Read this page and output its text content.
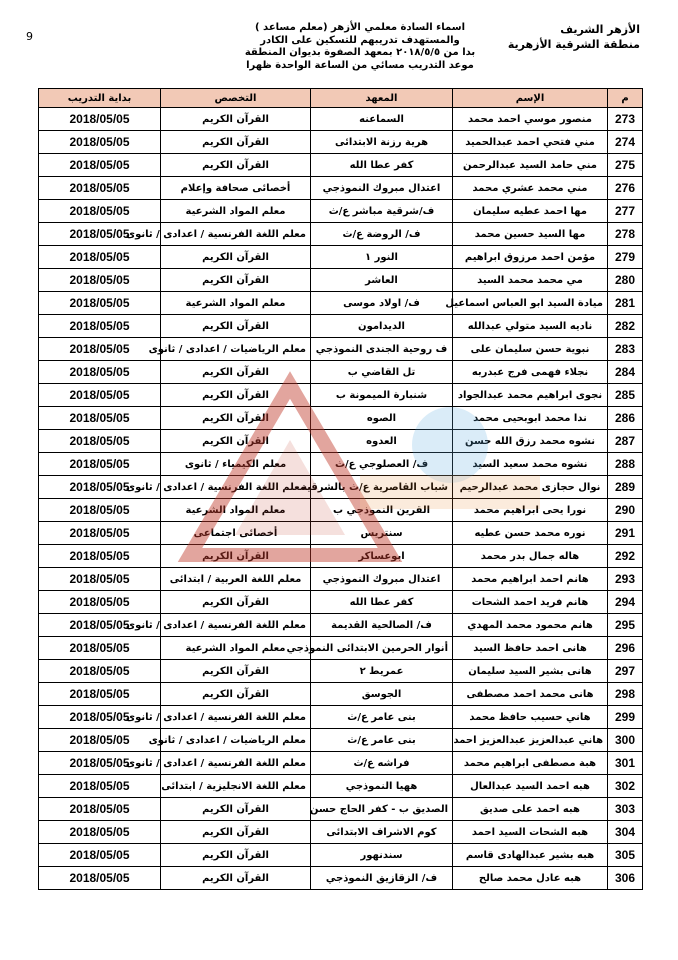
9
الأزهر الشريف
منطقة الشرقية الأزهرية
اسماء السادة معلمي الأزهر (معلم مساعد )
والمستهدف تدريبهم للتسكين على الكادر
بدا من ٢٠١٨/٥/٥ بمعهد الصفوة بديوان المنطقة
موعد التدريب مسائي من الساعة الواحدة ظهرا
م	الإسم	المعهد	التخصص	بداية التدريب
273	منصور موسي احمد محمد	السماعنه	القرآن الكريم	2018/05/05
274	مني فتحي احمد عبدالحميد	هرية رزنة الابتدائى	القرآن الكريم	2018/05/05
275	مني حامد السيد عبدالرحمن	كفر عطا الله	القرآن الكريم	2018/05/05
276	مني محمد عشري محمد	اعتدال مبروك النموذجي	أخصائى صحافة وإعلام	2018/05/05
277	مها احمد عطيه سليمان	ف/شرقية مباشر ع/ث	معلم المواد الشرعية	2018/05/05
278	مها السيد حسين محمد	ف/ الروضة ع/ث	معلم اللغة الفرنسية / اعدادى / ثانوى	2018/05/05
279	مؤمن احمد مرزوق ابراهيم	النور ١	القرآن الكريم	2018/05/05
280	مي محمد محمد السيد	العاشر	القرآن الكريم	2018/05/05
281	ميادة السيد ابو العباس اسماعيل	ف/ اولاد موسى	معلم المواد الشرعية	2018/05/05
282	ناديه السيد متولي عبدالله	الديدامون	القرآن الكريم	2018/05/05
283	نبوية حسن سليمان على	ف روحية الجندى النموذجي	معلم الرياضيات / اعدادى / ثانوى	2018/05/05
284	نجلاء فهمى فرج عبدربه	تل القاضي ب	القرآن الكريم	2018/05/05
285	نجوى ابراهيم محمد عبدالجواد	شنبارة الميمونة ب	القرآن الكريم	2018/05/05
286	ندا محمد ابوبحيى محمد	الصوه	القرآن الكريم	2018/05/05
287	نشوه محمد رزق الله حسن	العدوه	القرآن الكريم	2018/05/05
288	نشوه محمد سعيد السيد	ف/ العصلوجي ع/ث	معلم الكيمياء / ثانوى	2018/05/05
289	نوال حجازى محمد عبدالرحيم	شباب القاصرية ع/ث بالشرقية	معلم اللغة الفرنسية / اعدادى / ثانوى	2018/05/05
290	نورا يحى ابراهيم محمد	القرين النموذجي ب	معلم المواد الشرعية	2018/05/05
291	نوره محمد حسن عطيه	سنتريس	أخصائى اجتماعى	2018/05/05
292	هاله جمال بدر محمد	ابوعساكر	القرآن الكريم	2018/05/05
293	هانم احمد ابراهيم محمد	اعتدال مبروك النموذجي	معلم اللغة العربية / ابتدائى	2018/05/05
294	هانم فريد احمد الشحات	كفر عطا الله	القرآن الكريم	2018/05/05
295	هانم محمود محمد المهدي	ف/ الصالحية القديمة	معلم اللغة الفرنسية / اعدادى / ثانوى	2018/05/05
296	هانى احمد حافظ السيد	أنوار الحرمين الابتدائى النموذجي	معلم المواد الشرعية	2018/05/05
297	هانى بشير السيد سليمان	عمريط ٢	القرآن الكريم	2018/05/05
298	هانى محمد احمد مصطفى	الجوسق	القرآن الكريم	2018/05/05
299	هاني حسيب حافظ محمد	بنى عامر ع/ث	معلم اللغة الفرنسية / اعدادى / ثانوى	2018/05/05
300	هاني عبدالعزيز عبدالعزيز احمد	بنى عامر ع/ث	معلم الرياضيات / اعدادى / ثانوى	2018/05/05
301	هبة مصطفى ابراهيم محمد	فراشه ع/ث	معلم اللغة الفرنسية / اعدادى / ثانوى	2018/05/05
302	هبه احمد السيد عبدالعال	ههيا النموذجي	معلم اللغة الانجليزية / ابتدائى	2018/05/05
303	هبه احمد على صديق	الصديق ب - كفر الحاج حسن	القرآن الكريم	2018/05/05
304	هبه الشحات السيد احمد	كوم الاشراف الابتدائى	القرآن الكريم	2018/05/05
305	هبه بشير عبدالهادى قاسم	سندنهور	القرآن الكريم	2018/05/05
306	هبه عادل محمد صالح	ف/ الزقازيق النموذجي	القرآن الكريم	2018/05/05
